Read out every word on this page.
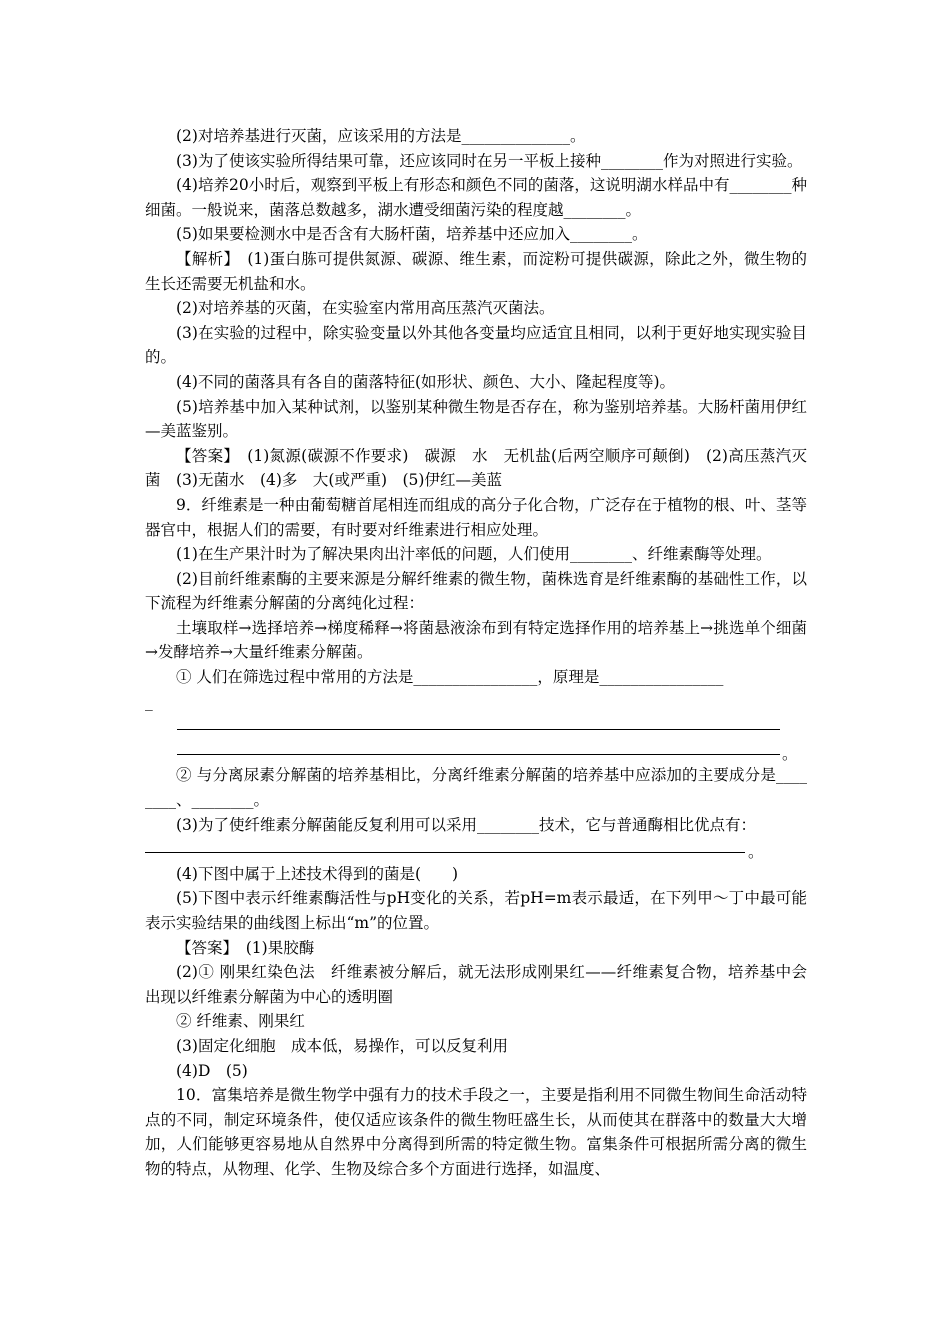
(2)对培养基进行灭菌，应该采用的方法是______________。

(3)为了使该实验所得结果可靠，还应该同时在另一平板上接种________作为对照进行实验。

(4)培养20小时后，观察到平板上有形态和颜色不同的菌落，这说明湖水样品中有________种细菌。一般说来，菌落总数越多，湖水遭受细菌污染的程度越________。

(5)如果要检测水中是否含有大肠杆菌，培养基中还应加入________。

【解析】　(1)蛋白胨可提供氮源、碳源、维生素，而淀粉可提供碳源，除此之外，微生物的生长还需要无机盐和水。

(2)对培养基的灭菌，在实验室内常用高压蒸汽灭菌法。

(3)在实验的过程中，除实验变量以外其他各变量均应适宜且相同，以利于更好地实现实验目的。

(4)不同的菌落具有各自的菌落特征(如形状、颜色、大小、隆起程度等)。

(5)培养基中加入某种试剂，以鉴别某种微生物是否存在，称为鉴别培养基。大肠杆菌用伊红—美蓝鉴别。

【答案】　(1)氮源(碳源不作要求)　碳源　水　无机盐(后两空顺序可颠倒)　(2)高压蒸汽灭菌　(3)无菌水　(4)多　大(或严重)　(5)伊红—美蓝

9．纤维素是一种由葡萄糖首尾相连而组成的高分子化合物，广泛存在于植物的根、叶、茎等器官中，根据人们的需要，有时要对纤维素进行相应处理。

(1)在生产果汁时为了解决果肉出汁率低的问题，人们使用________、纤维素酶等处理。

(2)目前纤维素酶的主要来源是分解纤维素的微生物，菌株选育是纤维素酶的基础性工作，以下流程为纤维素分解菌的分离纯化过程：

土壤取样→选择培养→梯度稀释→将菌悬液涂布到有特定选择作用的培养基上→挑选单个细菌→发酵培养→大量纤维素分解菌。

① 人们在筛选过程中常用的方法是________________，原理是________________

_

。

② 与分离尿素分解菌的培养基相比，分离纤维素分解菌的培养基中应添加的主要成分是________、________。

(3)为了使纤维素分解菌能反复利用可以采用________技术，它与普通酶相比优点有：

。

(4)下图中属于上述技术得到的菌是(　　)

(5)下图中表示纤维素酶活性与pH变化的关系，若pH=m表示最适，在下列甲～丁中最可能表示实验结果的曲线图上标出“m”的位置。

【答案】　(1)果胶酶

(2)① 刚果红染色法　纤维素被分解后，就无法形成刚果红——纤维素复合物，培养基中会出现以纤维素分解菌为中心的透明圈

② 纤维素、刚果红

(3)固定化细胞　成本低，易操作，可以反复利用

(4)D　(5)

10．富集培养是微生物学中强有力的技术手段之一，主要是指利用不同微生物间生命活动特点的不同，制定环境条件，使仅适应该条件的微生物旺盛生长，从而使其在群落中的数量大大增加，人们能够更容易地从自然界中分离得到所需的特定微生物。富集条件可根据所需分离的微生物的特点，从物理、化学、生物及综合多个方面进行选择，如温度、
